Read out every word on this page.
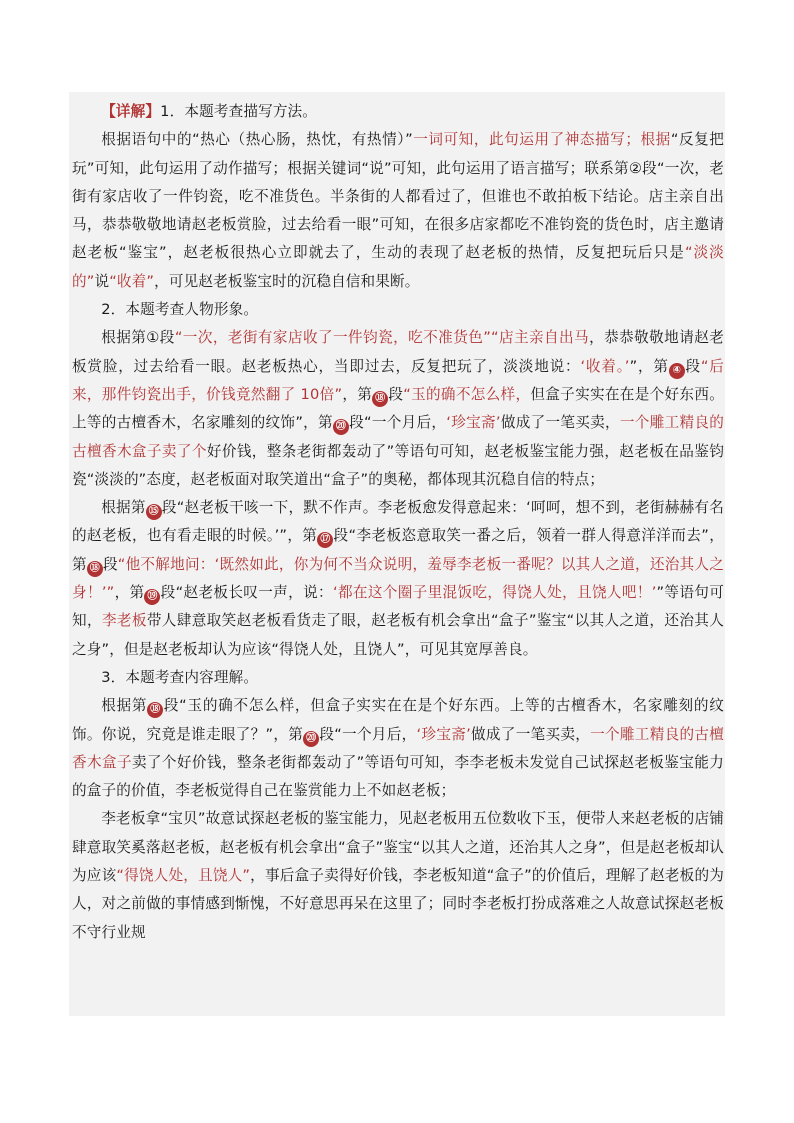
【详解】1．本题考查描写方法。

根据语句中的“热心（热心肠，热忱，有热情）”一词可知，此句运用了神态描写；根据“反复把玩”可知，此句运用了动作描写；根据关键词“说”可知，此句运用了语言描写；联系第②段“一次，老街有家店收了一件钧瓷，吃不准货色。半条街的人都看过了，但谁也不敢拍板下结论。店主亲自出马，恭恭敬敬地请赵老板赏脸，过去给看一眼”可知，在很多店家都吃不准钧瓷的货色时，店主邀请赵老板“鉴宝”，赵老板很热心立即就去了，生动的表现了赵老板的热情，反复把玩后只是“淡淡的”说“收着”，可见赵老板鉴宝时的沉稳自信和果断。

2．本题考查人物形象。

根据第①段“一次，老街有家店收了一件钧瓷，吃不准货色”“店主亲自出马，恭恭敬敬地请赵老板赏脸，过去给看一眼。赵老板热心，当即过去，反复把玩了，淡淡地说：‘收着。’”，第 ④ 段“后来，那件钧瓷出手，价钱竟然翻了 10倍”，第 ⑱ 段“玉的确不怎么样，但盒子实实在在是个好东西。上等的古檀香木，名家雕刻的纹饰”，第 ⑳ 段“一个月后，‘珍宝斋’做成了一笔买卖，一个雕工精良的古檀香木盒子卖了个好价钱，整条老街都轰动了”等语句可知，赵老板鉴宝能力强，赵老板在品鉴钧瓷“淡淡的”态度，赵老板面对取笑道出“盒子”的奥秘，都体现其沉稳自信的特点；

根据第 ⑮ 段“赵老板干咳一下，默不作声。李老板愈发得意起来：‘呵呵，想不到，老街赫赫有名的赵老板，也有看走眼的时候。’”，第 ⑰ 段“李老板恣意取笑一番之后，领着一群人得意洋洋而去”，第 ⑱ 段“他不解地问：‘既然如此，你为何不当众说明，羞辱李老板一番呢？以其人之道，还治其人之身！’”，第 ⑲ 段“赵老板长叹一声，说：‘都在这个圈子里混饭吃，得饶人处，且饶人吧！’”等语句可知，李老板带人肆意取笑赵老板看货走了眼，赵老板有机会拿出“盒子”鉴宝“以其人之道，还治其人之身”，但是赵老板却认为应该“得饶人处，且饶人”，可见其宽厚善良。

3．本题考查内容理解。

根据第 ⑱ 段“玉的确不怎么样，但盒子实实在在是个好东西。上等的古檀香木，名家雕刻的纹饰。你说，究竟是谁走眼了？”，第 ⑳ 段“一个月后，‘珍宝斋’做成了一笔买卖，一个雕工精良的古檀香木盒子卖了个好价钱，整条老街都轰动了”等语句可知，李李老板未发觉自己试探赵老板鉴宝能力的盒子的价值，李老板觉得自己在鉴赏能力上不如赵老板；

李老板拿“宝贝”故意试探赵老板的鉴宝能力，见赵老板用五位数收下玉，便带人来赵老板的店铺肆意取笑奚落赵老板，赵老板有机会拿出“盒子”鉴宝“以其人之道，还治其人之身”，但是赵老板却认为应该“得饶人处，且饶人”，事后盒子卖得好价钱，李老板知道“盒子”的价值后，理解了赵老板的为人，对之前做的事情感到惭愧，不好意思再呆在这里了；同时李老板打扮成落难之人故意试探赵老板不守行业规
